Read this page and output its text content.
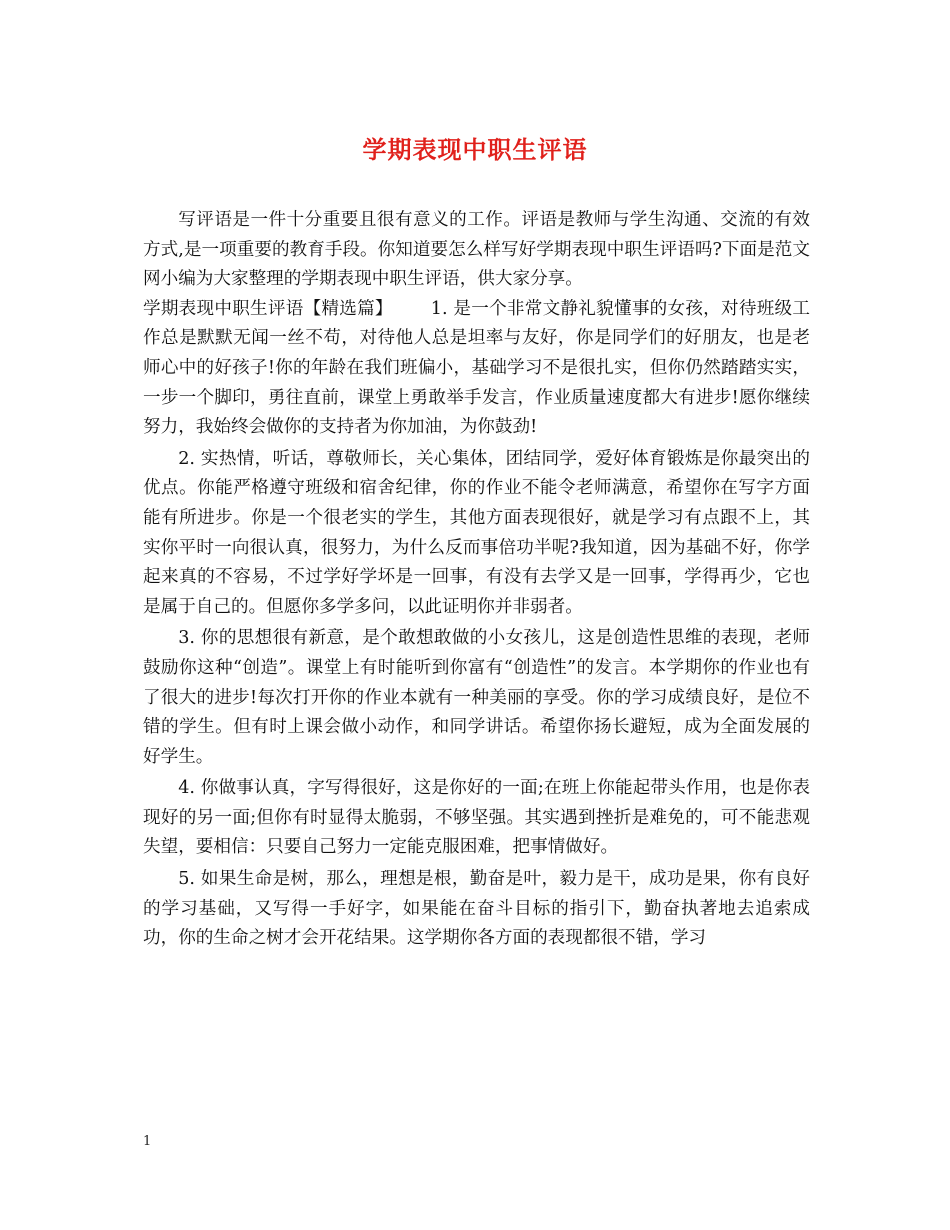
学期表现中职生评语

写评语是一件十分重要且很有意义的工作。评语是教师与学生沟通、交流的有效方式,是一项重要的教育手段。你知道要怎么样写好学期表现中职生评语吗?下面是范文网小编为大家整理的学期表现中职生评语，供大家分享。

学期表现中职生评语【精选篇】 1. 是一个非常文静礼貌懂事的女孩，对待班级工作总是默默无闻一丝不苟，对待他人总是坦率与友好，你是同学们的好朋友，也是老师心中的好孩子!你的年龄在我们班偏小，基础学习不是很扎实，但你仍然踏踏实实，一步一个脚印，勇往直前，课堂上勇敢举手发言，作业质量速度都大有进步!愿你继续努力，我始终会做你的支持者为你加油，为你鼓劲!

2. 实热情，听话，尊敬师长，关心集体，团结同学，爱好体育锻炼是你最突出的优点。你能严格遵守班级和宿舍纪律，你的作业不能令老师满意，希望你在写字方面能有所进步。你是一个很老实的学生，其他方面表现很好，就是学习有点跟不上，其实你平时一向很认真，很努力，为什么反而事倍功半呢?我知道，因为基础不好，你学起来真的不容易，不过学好学坏是一回事，有没有去学又是一回事，学得再少，它也是属于自己的。但愿你多学多问，以此证明你并非弱者。

3. 你的思想很有新意，是个敢想敢做的小女孩儿，这是创造性思维的表现，老师鼓励你这种“创造”。课堂上有时能听到你富有“创造性”的发言。本学期你的作业也有了很大的进步!每次打开你的作业本就有一种美丽的享受。你的学习成绩良好，是位不错的学生。但有时上课会做小动作，和同学讲话。希望你扬长避短，成为全面发展的好学生。

4. 你做事认真，字写得很好，这是你好的一面;在班上你能起带头作用，也是你表现好的另一面;但你有时显得太脆弱，不够坚强。其实遇到挫折是难免的，可不能悲观失望，要相信：只要自己努力一定能克服困难，把事情做好。

5. 如果生命是树，那么，理想是根，勤奋是叶，毅力是干，成功是果，你有良好的学习基础，又写得一手好字，如果能在奋斗目标的指引下，勤奋执著地去追索成功，你的生命之树才会开花结果。这学期你各方面的表现都很不错，学习

1
